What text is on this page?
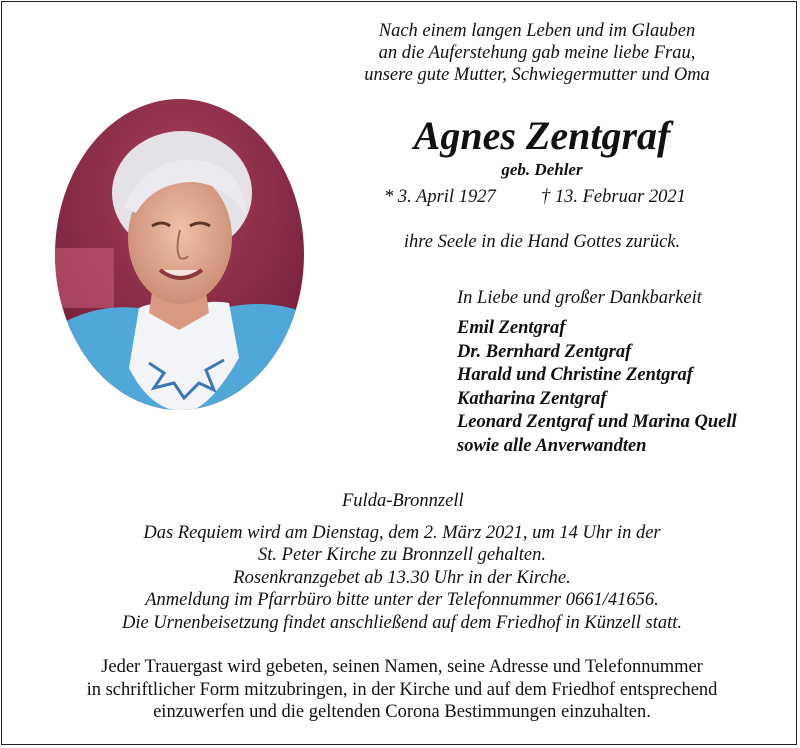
Nach einem langen Leben und im Glauben
an die Auferstehung gab meine liebe Frau,
unsere gute Mutter, Schwiegermutter und Oma
Agnes Zentgraf
geb. Dehler
* 3. April 1927 † 13. Februar 2021
ihre Seele in die Hand Gottes zurück.
In Liebe und großer Dankbarkeit
Emil Zentgraf
Dr. Bernhard Zentgraf
Harald und Christine Zentgraf
Katharina Zentgraf
Leonard Zentgraf und Marina Quell
sowie alle Anverwandten
Fulda-Bronnzell
Das Requiem wird am Dienstag, dem 2. März 2021, um 14 Uhr in der
St. Peter Kirche zu Bronnzell gehalten.
Rosenkranzgebet ab 13.30 Uhr in der Kirche.
Anmeldung im Pfarrbüro bitte unter der Telefonnummer 0661/41656.
Die Urnenbeisetzung findet anschließend auf dem Friedhof in Künzell statt.
Jeder Trauergast wird gebeten, seinen Namen, seine Adresse und Telefonnummer
in schriftlicher Form mitzubringen, in der Kirche und auf dem Friedhof entsprechend
einzuwerfen und die geltenden Corona Bestimmungen einzuhalten.
